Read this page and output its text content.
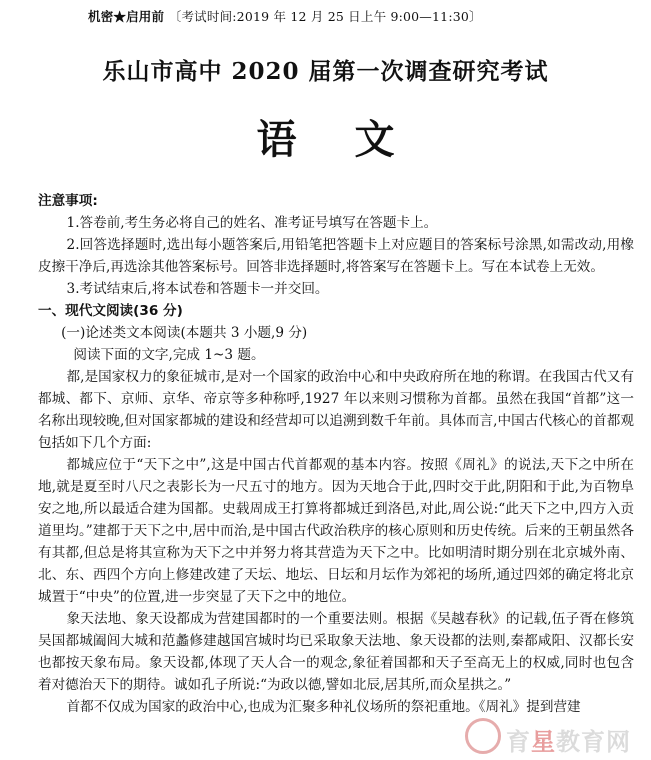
机密★启用前 〔考试时间:2019 年 12 月 25 日上午 9:00—11:30〕
乐山市高中 2020 届第一次调查研究考试
语文

注意事项:

1.答卷前,考生务必将自己的姓名、准考证号填写在答题卡上。

2.回答选择题时,选出每小题答案后,用铅笔把答题卡上对应题目的答案标号涂黑,如需改动,用橡皮擦干净后,再选涂其他答案标号。回答非选择题时,将答案写在答题卡上。写在本试卷上无效。

3.考试结束后,将本试卷和答题卡一并交回。

一、现代文阅读(36 分)

(一)论述类文本阅读(本题共 3 小题,9 分)

阅读下面的文字,完成 1~3 题。

都,是国家权力的象征城市,是对一个国家的政治中心和中央政府所在地的称谓。在我国古代又有都城、都下、京师、京华、帝京等多种称呼,1927 年以来则习惯称为首都。虽然在我国“首都”这一名称出现较晚,但对国家都城的建设和经营却可以追溯到数千年前。具体而言,中国古代核心的首都观包括如下几个方面:

都城应位于“天下之中”,这是中国古代首都观的基本内容。按照《周礼》的说法,天下之中所在地,就是夏至时八尺之表影长为一尺五寸的地方。因为天地合于此,四时交于此,阴阳和于此,为百物阜安之地,所以最适合建为国都。史载周成王打算将都城迁到洛邑,对此,周公说:“此天下之中,四方入贡道里均。”建都于天下之中,居中而治,是中国古代政治秩序的核心原则和历史传统。后来的王朝虽然各有其都,但总是将其宣称为天下之中并努力将其营造为天下之中。比如明清时期分别在北京城外南、北、东、西四个方向上修建改建了天坛、地坛、日坛和月坛作为郊祀的场所,通过四郊的确定将北京城置于“中央”的位置,进一步突显了天下之中的地位。

象天法地、象天设都成为营建国都时的一个重要法则。根据《吴越春秋》的记载,伍子胥在修筑吴国都城阖闾大城和范蠡修建越国宫城时均已采取象天法地、象天设都的法则,秦都咸阳、汉都长安也都按天象布局。象天设都,体现了天人合一的观念,象征着国都和天子至高无上的权威,同时也包含着对德治天下的期待。诚如孔子所说:“为政以德,譬如北辰,居其所,而众星拱之。”

首都不仅成为国家的政治中心,也成为汇聚多种礼仪场所的祭祀重地。《周礼》提到营建

育星教育网
